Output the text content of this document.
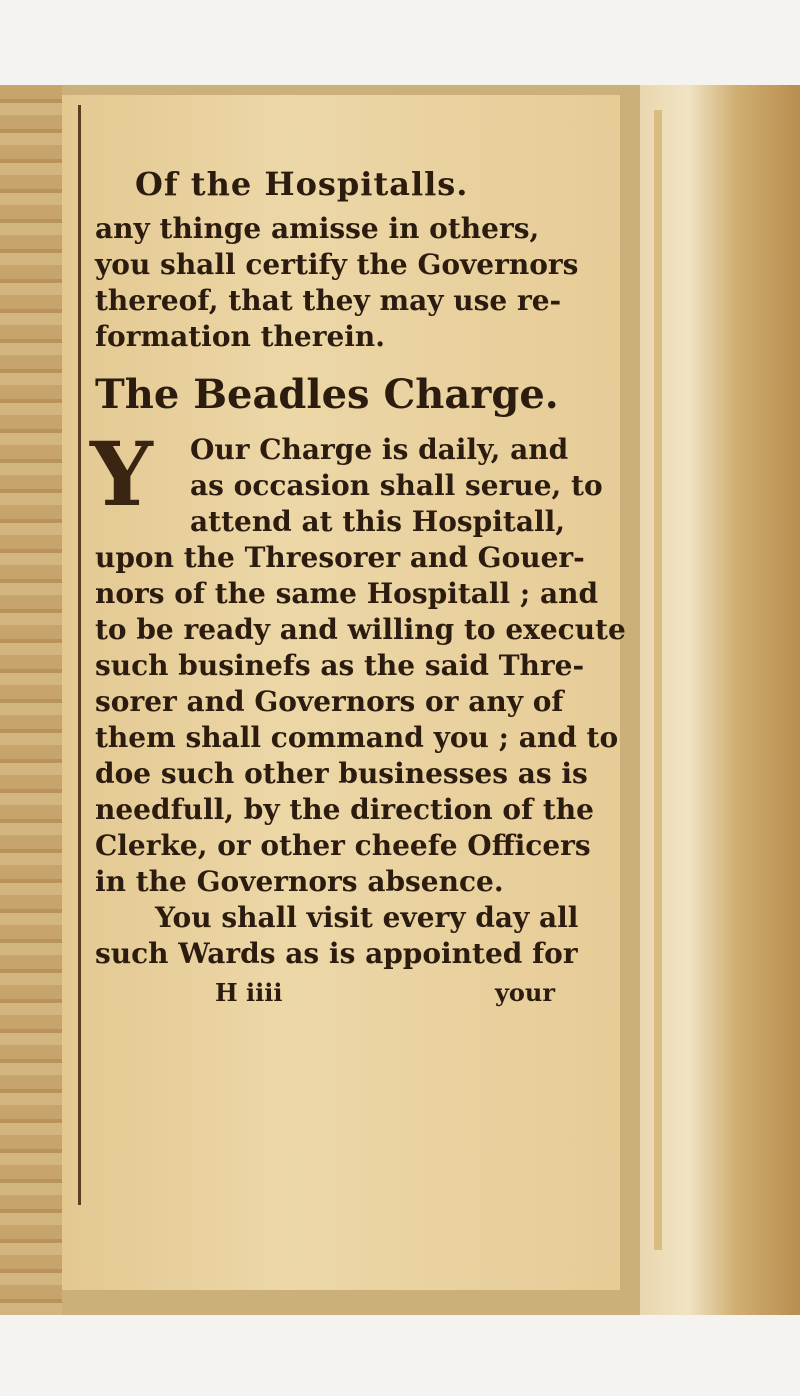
Of the Hospitalls.
any thinge amisse in others,
you shall certify the Governors
thereof, that they may use re-
formation therein.
The Beadles Charge.
Y	Our Charge is daily, and
as occasion shall serue, to
attend at this Hospitall,
upon the Thresorer and Gouer-
nors of the same Hospitall ; and
to be ready and willing to execute
such businefs as the said Thre-
sorer and Governors or any of
them shall command you ; and to
doe such other businesses as is
needfull, by the direction of the
Clerke, or other cheefe Officers
in the Governors absence.
You shall visit every day all
such Wards as is appointed for
H iiii	your
